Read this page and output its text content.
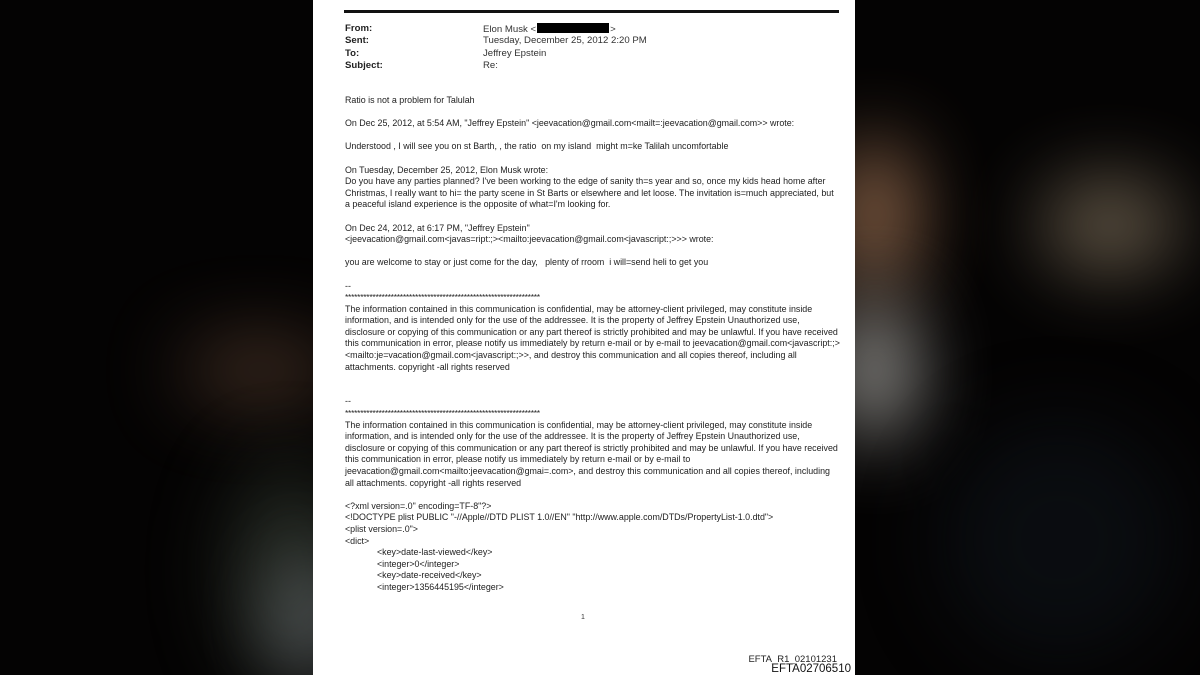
From:	Elon Musk <	>
Sent:	Tuesday, December 25, 2012 2:20 PM
To:	Jeffrey Epstein
Subject:	Re:

Ratio is not a problem for Talulah

On Dec 25, 2012, at 5:54 AM, "Jeffrey Epstein" <jeevacation@gmail.com<mailt=:jeevacation@gmail.com>> wrote:

Understood , I will see you on st Barth, , the ratio  on my island  might m=ke Talilah uncomfortable

On Tuesday, December 25, 2012, Elon Musk wrote:

Do you have any parties planned? I've been working to the edge of sanity th=s year and so, once my kids head home after Christmas, I really want to hi= the party scene in St Barts or elsewhere and let loose. The invitation is=much appreciated, but a peaceful island experience is the opposite of what=I'm looking for.

On Dec 24, 2012, at 6:17 PM, "Jeffrey Epstein"

<jeevacation@gmail.com<javas=ript:;><mailto:jeevacation@gmail.com<javascript:;>>> wrote:

you are welcome to stay or just come for the day,   plenty of rroom  i will=send heli to get you

--

****************************************************************

The information contained in this communication is confidential, may be attorney-client privileged, may constitute inside information, and is intended only for the use of the addressee. It is the property of Jeffrey Epstein Unauthorized use, disclosure or copying of this communication or any part thereof is strictly prohibited and may be unlawful. If you have received this communication in error, please notify us immediately by return e-mail or by e-mail to jeevacation@gmail.com<javascript:;><mailto:je=vacation@gmail.com<javascript:;>>, and destroy this communication and all copies thereof, including all attachments. copyright -all rights reserved

--

****************************************************************

The information contained in this communication is confidential, may be attorney-client privileged, may constitute inside information, and is intended only for the use of the addressee. It is the property of Jeffrey Epstein Unauthorized use, disclosure or copying of this communication or any part thereof is strictly prohibited and may be unlawful. If you have received this communication in error, please notify us immediately by return e-mail or by e-mail to jeevacation@gmail.com<mailto:jeevacation@gmai=.com>, and destroy this communication and all copies thereof, including all attachments. copyright -all rights reserved

<?xml version=.0" encoding=TF-8"?>

<!DOCTYPE plist PUBLIC "-//Apple//DTD PLIST 1.0//EN" "http://www.apple.com/DTDs/PropertyList-1.0.dtd">

<plist version=.0">

<dict>

<key>date-last-viewed</key>

<integer>0</integer>

<key>date-received</key>

<integer>1356445195</integer>

1
EFTA_R1_02101231
EFTA02706510
